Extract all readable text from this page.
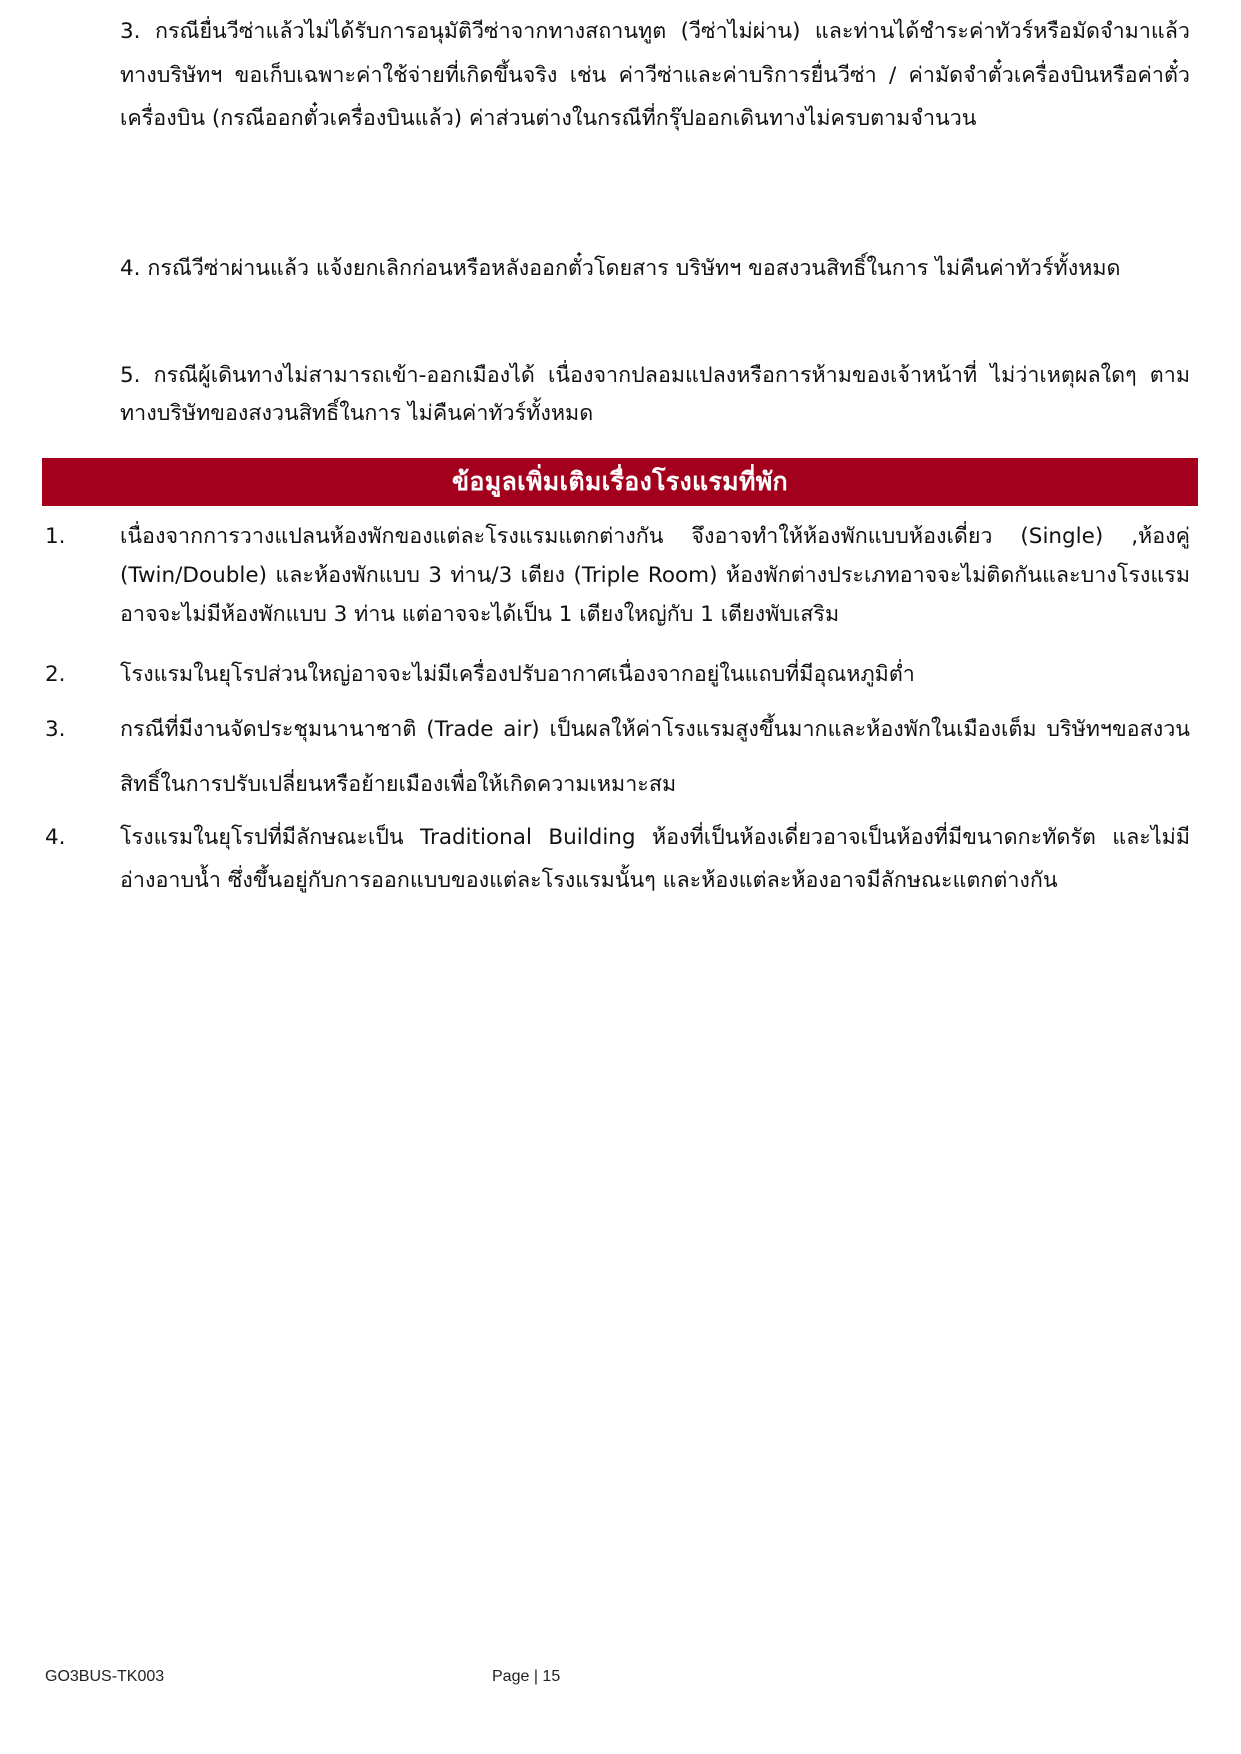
3. กรณียื่นวีซ่าแล้วไม่ได้รับการอนุมัติวีซ่าจากทางสถานทูต (วีซ่าไม่ผ่าน) และท่านได้ชำระค่าทัวร์หรือมัดจำมาแล้ว ทางบริษัทฯ ขอเก็บเฉพาะค่าใช้จ่ายที่เกิดขึ้นจริง เช่น ค่าวีซ่าและค่าบริการยื่นวีซ่า / ค่ามัดจำตั๋วเครื่องบินหรือค่าตั๋วเครื่องบิน (กรณีออกตั๋วเครื่องบินแล้ว) ค่าส่วนต่างในกรณีที่กรุ๊ปออกเดินทางไม่ครบตามจำนวน

4. กรณีวีซ่าผ่านแล้ว แจ้งยกเลิกก่อนหรือหลังออกตั๋วโดยสาร บริษัทฯ ขอสงวนสิทธิ์ในการ ไม่คืนค่าทัวร์ทั้งหมด

5. กรณีผู้เดินทางไม่สามารถเข้า-ออกเมืองได้ เนื่องจากปลอมแปลงหรือการห้ามของเจ้าหน้าที่ ไม่ว่าเหตุผลใดๆ ตามทางบริษัทของสงวนสิทธิ์ในการ ไม่คืนค่าทัวร์ทั้งหมด

ข้อมูลเพิ่มเติมเรื่องโรงแรมที่พัก
1.	เนื่องจากการวางแปลนห้องพักของแต่ละโรงแรมแตกต่างกัน จึงอาจทำให้ห้องพักแบบห้องเดี่ยว (Single) ,ห้องคู่ (Twin/Double) และห้องพักแบบ 3 ท่าน/3 เตียง (Triple Room) ห้องพักต่างประเภทอาจจะไม่ติดกันและบางโรงแรม อาจจะไม่มีห้องพักแบบ 3 ท่าน แต่อาจจะได้เป็น 1 เตียงใหญ่กับ 1 เตียงพับเสริม

2.	โรงแรมในยุโรปส่วนใหญ่อาจจะไม่มีเครื่องปรับอากาศเนื่องจากอยู่ในแถบที่มีอุณหภูมิต่ำ

3.	กรณีที่มีงานจัดประชุมนานาชาติ (Trade air) เป็นผลให้ค่าโรงแรมสูงขึ้นมากและห้องพักในเมืองเต็ม บริษัทฯขอสงวนสิทธิ์ในการปรับเปลี่ยนหรือย้ายเมืองเพื่อให้เกิดความเหมาะสม

4.	โรงแรมในยุโรปที่มีลักษณะเป็น Traditional Building ห้องที่เป็นห้องเดี่ยวอาจเป็นห้องที่มีขนาดกะทัดรัต และไม่มีอ่างอาบน้ำ ซึ่งขึ้นอยู่กับการออกแบบของแต่ละโรงแรมนั้นๆ และห้องแต่ละห้องอาจมีลักษณะแตกต่างกัน

GO3BUS-TK003	Page | 15
